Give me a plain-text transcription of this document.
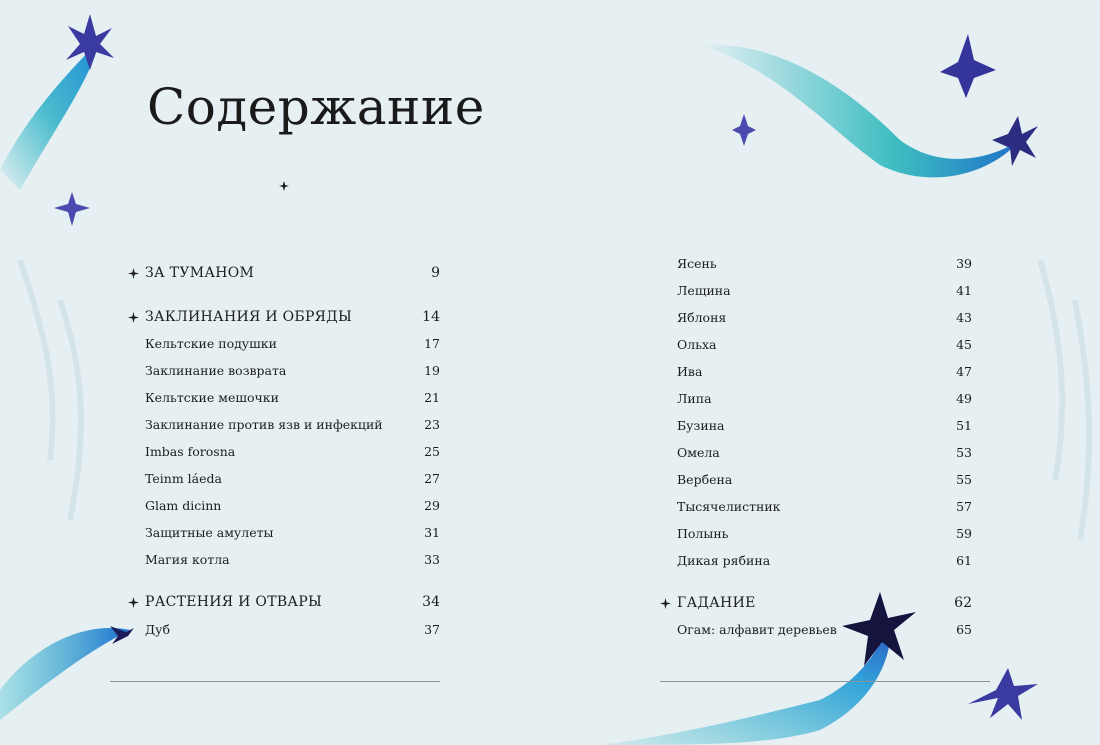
Содержание
ЗА ТУМАНОМ	9
ЗАКЛИНАНИЯ И ОБРЯДЫ	14
Кельтские подушки	17
Заклинание возврата	19
Кельтские мешочки	21
Заклинание против язв и инфекций	23
Imbas forosna	25
Teinm láeda	27
Glam dicinn	29
Защитные амулеты	31
Магия котла	33
РАСТЕНИЯ И ОТВАРЫ	34
Дуб	37
Ясень	39
Лещина	41
Яблоня	43
Ольха	45
Ива	47
Липа	49
Бузина	51
Омела	53
Вербена	55
Тысячелистник	57
Полынь	59
Дикая рябина	61
ГАДАНИЕ	62
Огам: алфавит деревьев	65
